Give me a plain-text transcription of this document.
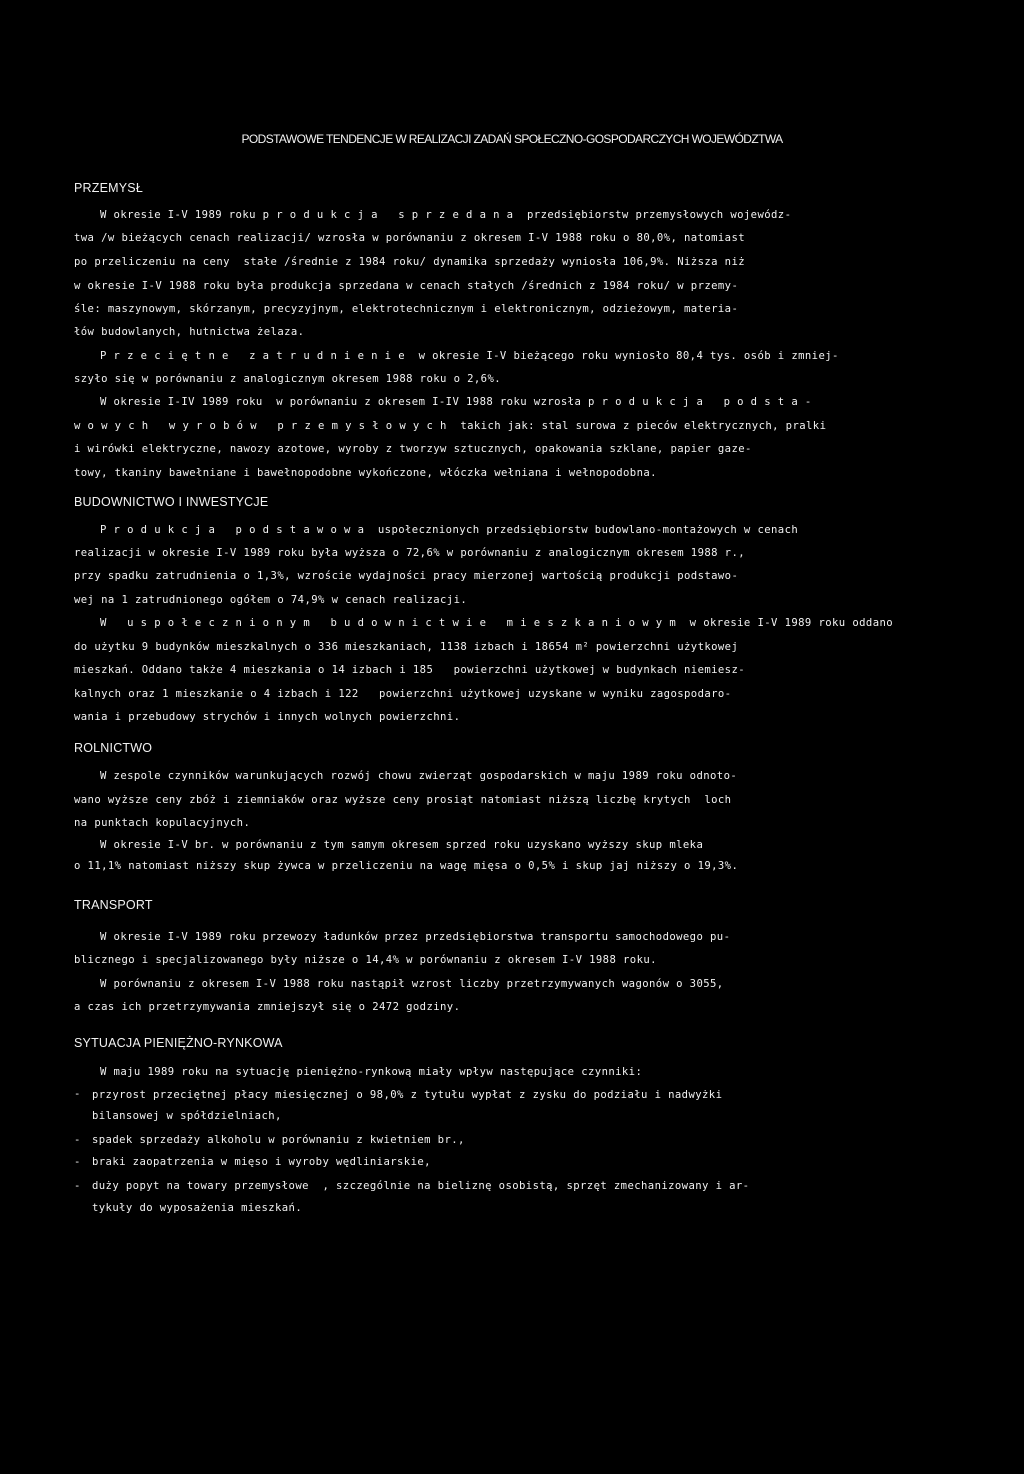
PODSTAWOWE TENDENCJE W REALIZACJI ZADAŃ SPOŁECZNO-GOSPODARCZYCH WOJEWÓDZTWA
PRZEMYSŁ
W okresie I-V 1989 roku p r o d u k c j a   s p r z e d a n a  przedsiębiorstw przemysłowych wojewódz-
twa /w bieżących cenach realizacji/ wzrosła w porównaniu z okresem I-V 1988 roku o 80,0%, natomiast
po przeliczeniu na ceny  stałe /średnie z 1984 roku/ dynamika sprzedaży wyniosła 106,9%. Niższa niż
w okresie I-V 1988 roku była produkcja sprzedana w cenach stałych /średnich z 1984 roku/ w przemy-
śle: maszynowym, skórzanym, precyzyjnym, elektrotechnicznym i elektronicznym, odzieżowym, materia-
łów budowlanych, hutnictwa żelaza.
P r z e c i ę t n e   z a t r u d n i e n i e  w okresie I-V bieżącego roku wyniosło 80,4 tys. osób i zmniej-
szyło się w porównaniu z analogicznym okresem 1988 roku o 2,6%.
W okresie I-IV 1989 roku  w porównaniu z okresem I-IV 1988 roku wzrosła p r o d u k c j a   p o d s t a -
w o w y c h   w y r o b ó w   p r z e m y s ł o w y c h  takich jak: stal surowa z pieców elektrycznych, pralki
i wirówki elektryczne, nawozy azotowe, wyroby z tworzyw sztucznych, opakowania szklane, papier gaze-
towy, tkaniny bawełniane i bawełnopodobne wykończone, włóczka wełniana i wełnopodobna.
BUDOWNICTWO I INWESTYCJE
P r o d u k c j a   p o d s t a w o w a  uspołecznionych przedsiębiorstw budowlano-montażowych w cenach
realizacji w okresie I-V 1989 roku była wyższa o 72,6% w porównaniu z analogicznym okresem 1988 r.,
przy spadku zatrudnienia o 1,3%, wzroście wydajności pracy mierzonej wartością produkcji podstawo-
wej na 1 zatrudnionego ogółem o 74,9% w cenach realizacji.
W   u s p o ł e c z n i o n y m   b u d o w n i c t w i e   m i e s z k a n i o w y m  w okresie I-V 1989 roku oddano
do użytku 9 budynków mieszkalnych o 336 mieszkaniach, 1138 izbach i 18654 m² powierzchni użytkowej
mieszkań. Oddano także 4 mieszkania o 14 izbach i 185   powierzchni użytkowej w budynkach niemiesz-
kalnych oraz 1 mieszkanie o 4 izbach i 122   powierzchni użytkowej uzyskane w wyniku zagospodaro-
wania i przebudowy strychów i innych wolnych powierzchni.
ROLNICTWO
W zespole czynników warunkujących rozwój chowu zwierząt gospodarskich w maju 1989 roku odnoto-
wano wyższe ceny zbóż i ziemniaków oraz wyższe ceny prosiąt natomiast niższą liczbę krytych  loch
na punktach kopulacyjnych.
W okresie I-V br. w porównaniu z tym samym okresem sprzed roku uzyskano wyższy skup mleka
o 11,1% natomiast niższy skup żywca w przeliczeniu na wagę mięsa o 0,5% i skup jaj niższy o 19,3%.
TRANSPORT
W okresie I-V 1989 roku przewozy ładunków przez przedsiębiorstwa transportu samochodowego pu-
blicznego i specjalizowanego były niższe o 14,4% w porównaniu z okresem I-V 1988 roku.
W porównaniu z okresem I-V 1988 roku nastąpił wzrost liczby przetrzymywanych wagonów o 3055,
a czas ich przetrzymywania zmniejszył się o 2472 godziny.
SYTUACJA PIENIĘŻNO-RYNKOWA
W maju 1989 roku na sytuację pieniężno-rynkową miały wpływ następujące czynniki:
- przyrost przeciętnej płacy miesięcznej o 98,0% z tytułu wypłat z zysku do podziału i nadwyżki
bilansowej w spółdzielniach,
- spadek sprzedaży alkoholu w porównaniu z kwietniem br.,
- braki zaopatrzenia w mięso i wyroby wędliniarskie,
- duży popyt na towary przemysłowe  , szczególnie na bieliznę osobistą, sprzęt zmechanizowany i ar-
tykuły do wyposażenia mieszkań.
